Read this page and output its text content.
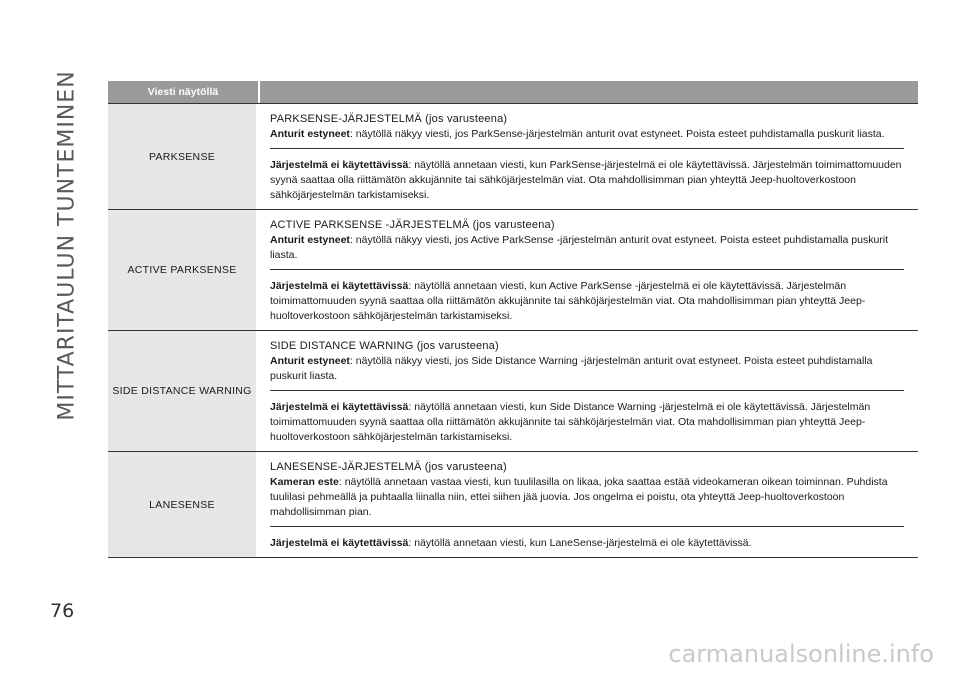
MITTARITAULUN TUNTEMINEN	Viesti näytöllä
PARKSENSE
PARKSENSE-JÄRJESTELMÄ (jos varusteena)
Anturit estyneet: näytöllä näkyy viesti, jos ParkSense-järjestelmän anturit ovat estyneet. Poista esteet puhdistamalla puskurit liasta.
Järjestelmä ei käytettävissä: näytöllä annetaan viesti, kun ParkSense-järjestelmä ei ole käytettävissä. Järjestelmän toimimattomuuden syynä saattaa olla riittämätön akkujännite tai sähköjärjestelmän viat. Ota mahdollisimman pian yhteyttä Jeep-huoltoverkostoon sähköjärjestelmän tarkistamiseksi.
ACTIVE PARKSENSE
ACTIVE PARKSENSE -JÄRJESTELMÄ (jos varusteena)
Anturit estyneet: näytöllä näkyy viesti, jos Active ParkSense -järjestelmän anturit ovat estyneet. Poista esteet puhdistamalla puskurit liasta.
Järjestelmä ei käytettävissä: näytöllä annetaan viesti, kun Active ParkSense -järjestelmä ei ole käytettävissä. Järjestelmän toimimattomuuden syynä saattaa olla riittämätön akkujännite tai sähköjärjestelmän viat. Ota mahdollisimman pian yhteyttä Jeep-huoltoverkostoon sähköjärjestelmän tarkistamiseksi.
SIDE DISTANCE WARNING
SIDE DISTANCE WARNING (jos varusteena)
Anturit estyneet: näytöllä näkyy viesti, jos Side Distance Warning -järjestelmän anturit ovat estyneet. Poista esteet puhdistamalla puskurit liasta.
Järjestelmä ei käytettävissä: näytöllä annetaan viesti, kun Side Distance Warning -järjestelmä ei ole käytettävissä. Järjestelmän toimimattomuuden syynä saattaa olla riittämätön akkujännite tai sähköjärjestelmän viat. Ota mahdollisimman pian yhteyttä Jeep-huoltoverkostoon sähköjärjestelmän tarkistamiseksi.
LANESENSE
LANESENSE-JÄRJESTELMÄ (jos varusteena)
Kameran este: näytöllä annetaan vastaa viesti, kun tuulilasilla on likaa, joka saattaa estää videokameran oikean toiminnan. Puhdista tuulilasi pehmeällä ja puhtaalla liinalla niin, ettei siihen jää juovia. Jos ongelma ei poistu, ota yhteyttä Jeep-huoltoverkostoon mahdollisimman pian.
Järjestelmä ei käytettävissä: näytöllä annetaan viesti, kun LaneSense-järjestelmä ei ole käytettävissä.
76
carmanualsonline.info
